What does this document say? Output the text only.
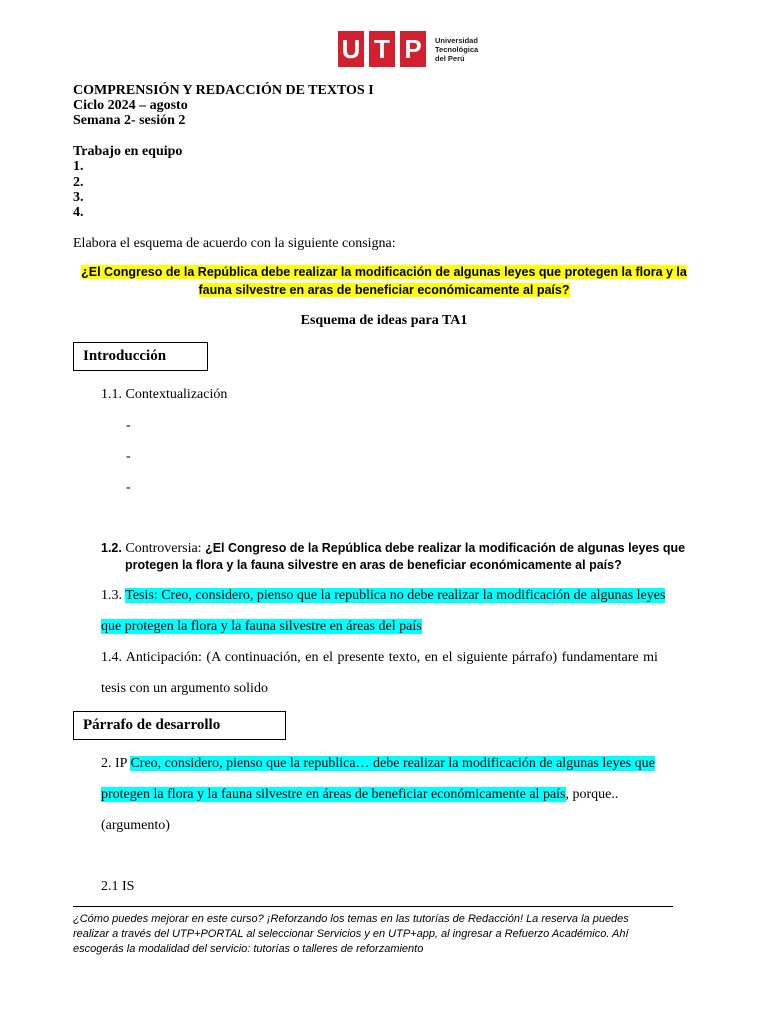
U T P	Universidad
Tecnológica
del Perú
COMPRENSIÓN Y REDACCIÓN DE TEXTOS I
Ciclo 2024 – agosto
Semana 2- sesión 2
Trabajo en equipo
1.
2.
3.
4.
Elabora el esquema de acuerdo con la siguiente consigna:
¿El Congreso de la República debe realizar la modificación de algunas leyes que protegen la flora y la
fauna silvestre en aras de beneficiar económicamente al país?
Esquema de ideas para TA1
Introducción
1.1. Contextualización
-
-
-
1.2. Controversia: ¿El Congreso de la República debe realizar la modificación de algunas leyes que
protegen la flora y la fauna silvestre en aras de beneficiar económicamente al país?
1.3. Tesis: Creo, considero, pienso que la republica no debe realizar la modificación de algunas leyes
que protegen la flora y la fauna silvestre en áreas del país
1.4. Anticipación: (A continuación, en el presente texto, en el siguiente párrafo) fundamentare mi
tesis con un argumento solido
Párrafo de desarrollo
2. IP Creo, considero, pienso que la republica… debe realizar la modificación de algunas leyes que
protegen la flora y la fauna silvestre en áreas de beneficiar económicamente al país, porque..
(argumento)
2.1 IS
¿Cómo puedes mejorar en este curso? ¡Reforzando los temas en las tutorías de Redacción! La reserva la puedes
realizar a través del UTP+PORTAL al seleccionar Servicios y en UTP+app, al ingresar a Refuerzo Académico. Ahí
escogerás la modalidad del servicio: tutorías o talleres de reforzamiento
